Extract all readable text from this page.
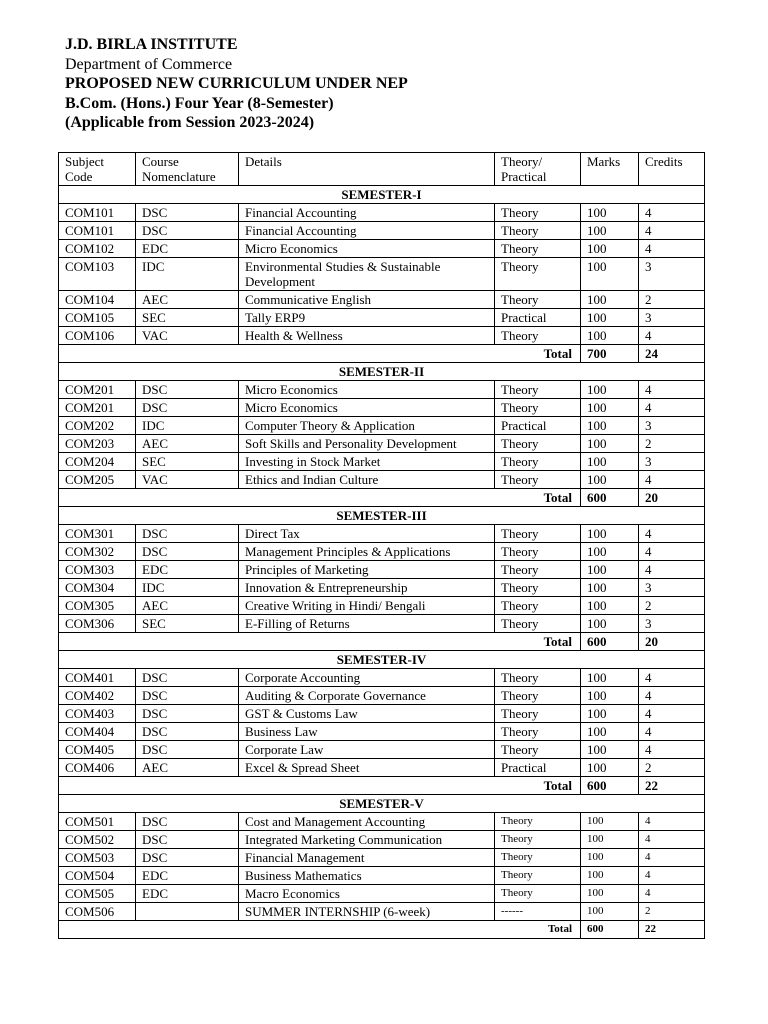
J.D. BIRLA INSTITUTE
Department of Commerce
PROPOSED NEW CURRICULUM UNDER NEP
B.Com. (Hons.) Four Year (8-Semester)
(Applicable from Session 2023-2024)
Subject Code	Course Nomenclature	Details	Theory/ Practical	Marks	Credits
SEMESTER-I					
COM101	DSC	Financial Accounting	Theory	100	4
COM101	DSC	Financial Accounting	Theory	100	4
COM102	EDC	Micro Economics	Theory	100	4
COM103	IDC	Environmental Studies & Sustainable Development	Theory	100	3
COM104	AEC	Communicative English	Theory	100	2
COM105	SEC	Tally ERP9	Practical	100	3
COM106	VAC	Health & Wellness	Theory	100	4
Total				700	24
SEMESTER-II					
COM201	DSC	Micro Economics	Theory	100	4
COM201	DSC	Micro Economics	Theory	100	4
COM202	IDC	Computer Theory & Application	Practical	100	3
COM203	AEC	Soft Skills and Personality Development	Theory	100	2
COM204	SEC	Investing in Stock Market	Theory	100	3
COM205	VAC	Ethics and Indian Culture	Theory	100	4
Total				600	20
SEMESTER-III					
COM301	DSC	Direct Tax	Theory	100	4
COM302	DSC	Management Principles & Applications	Theory	100	4
COM303	EDC	Principles of Marketing	Theory	100	4
COM304	IDC	Innovation & Entrepreneurship	Theory	100	3
COM305	AEC	Creative Writing in Hindi/ Bengali	Theory	100	2
COM306	SEC	E-Filling of Returns	Theory	100	3
Total				600	20
SEMESTER-IV					
COM401	DSC	Corporate Accounting	Theory	100	4
COM402	DSC	Auditing & Corporate Governance	Theory	100	4
COM403	DSC	GST & Customs Law	Theory	100	4
COM404	DSC	Business Law	Theory	100	4
COM405	DSC	Corporate Law	Theory	100	4
COM406	AEC	Excel & Spread Sheet	Practical	100	2
Total				600	22
SEMESTER-V					
COM501	DSC	Cost and Management Accounting	Theory	100	4
COM502	DSC	Integrated Marketing Communication	Theory	100	4
COM503	DSC	Financial Management	Theory	100	4
COM504	EDC	Business Mathematics	Theory	100	4
COM505	EDC	Macro Economics	Theory	100	4
COM506		SUMMER INTERNSHIP (6-week)	------	100	2
Total				600	22
